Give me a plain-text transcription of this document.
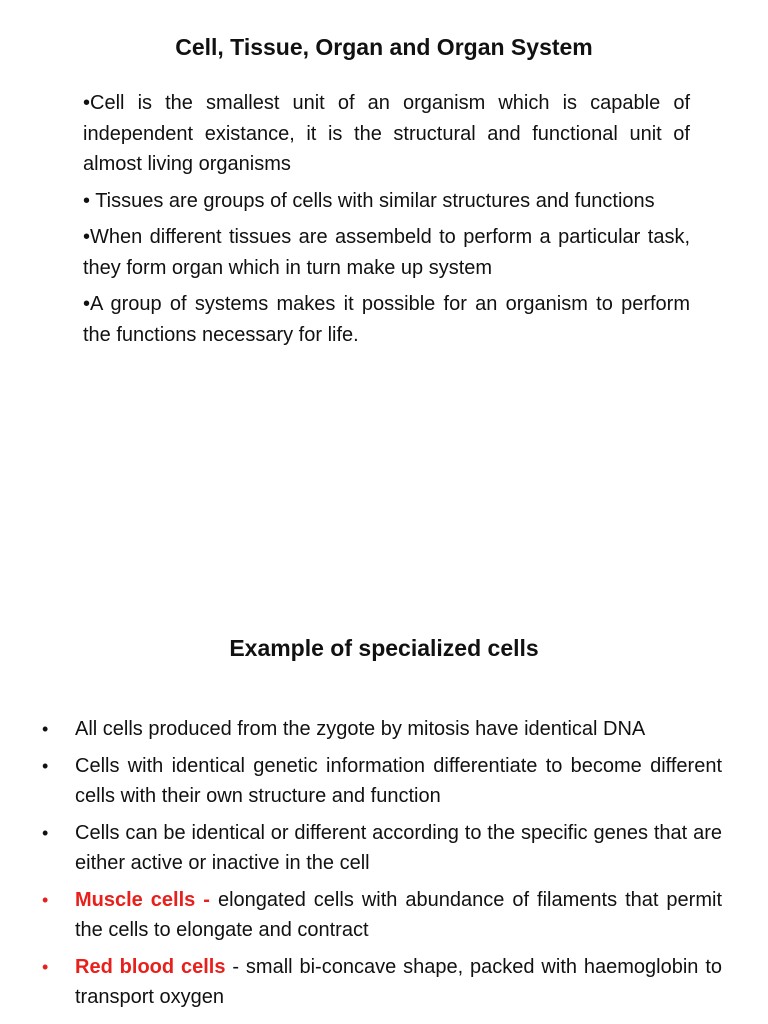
Cell, Tissue, Organ and Organ System

•Cell is the smallest unit of an organism which is capable of independent existance, it is the structural and functional unit of almost living organisms

• Tissues are groups of cells with similar structures and functions

•When different tissues are assembeld to perform a particular task, they form organ which in turn make up system

•A group of systems makes it possible for an organism to perform the functions necessary for life.

Example of specialized cells
•	All cells produced from the zygote by mitosis have identical DNA
•	Cells with identical genetic information differentiate to become different cells with their own structure and function
•	Cells can be identical or different according to the specific genes that are either active or inactive in the cell
•	Muscle cells - elongated cells with abundance of filaments that permit the cells to elongate and contract
•	Red blood cells - small bi-concave shape, packed with haemoglobin to transport oxygen
